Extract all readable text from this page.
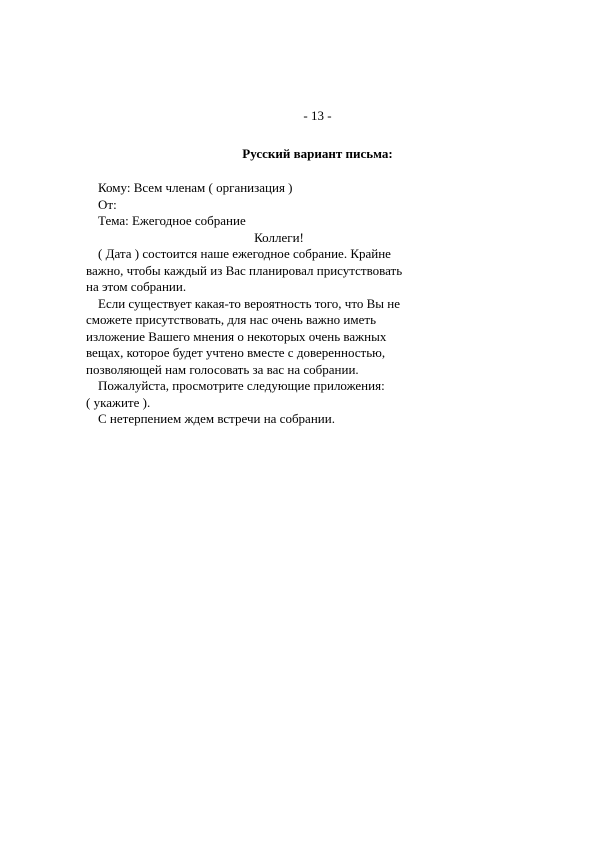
- 13 -
Русский вариант письма:
Кому: Всем членам ( организация )
От:
Тема: Ежегодное собрание
Коллеги!
( Дата ) состоится наше ежегодное собрание. Крайне
важно, чтобы каждый из Вас планировал присутствовать
на этом собрании.
Если существует какая-то вероятность того, что Вы не
сможете присутствовать, для нас очень важно иметь
изложение Вашего мнения о некоторых очень важных
вещах, которое будет учтено вместе с доверенностью,
позволяющей нам голосовать за вас на собрании.
Пожалуйста, просмотрите следующие приложения:
( укажите ).
С нетерпением ждем встречи на собрании.
